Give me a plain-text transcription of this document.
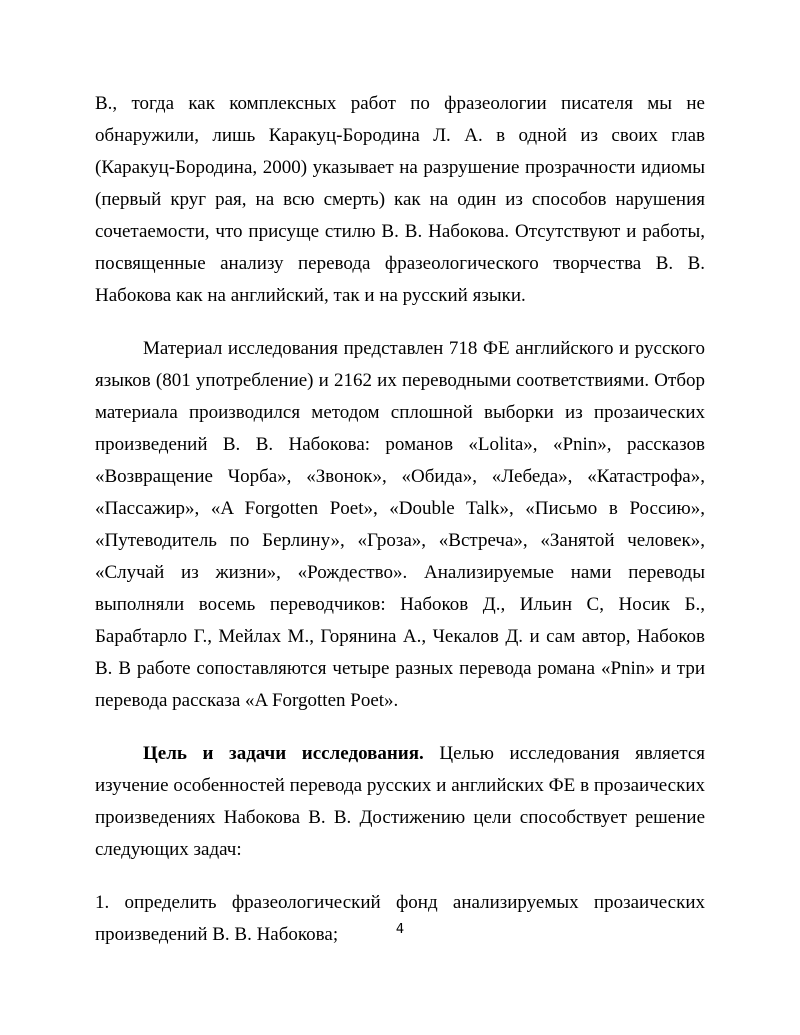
В., тогда как комплексных работ по фразеологии писателя мы не обнаружили, лишь Каракуц-Бородина Л. А. в одной из своих глав (Каракуц-Бородина, 2000) указывает на разрушение прозрачности идиомы (первый круг рая, на всю смерть) как на один из способов нарушения сочетаемости, что присуще стилю В. В. Набокова. Отсутствуют и работы, посвященные анализу перевода фразеологического творчества В. В. Набокова как на английский, так и на русский языки.

Материал исследования представлен 718 ФЕ английского и русского языков (801 употребление) и 2162 их переводными соответствиями. Отбор материала производился методом сплошной выборки из прозаических произведений В. В. Набокова: романов «Lolita», «Pnin», рассказов «Возвращение Чорба», «Звонок», «Обида», «Лебеда», «Катастрофа», «Пассажир», «A Forgotten Poet», «Double Talk», «Письмо в Россию», «Путеводитель по Берлину», «Гроза», «Встреча», «Занятой человек», «Случай из жизни», «Рождество». Анализируемые нами переводы выполняли восемь переводчиков: Набоков Д., Ильин С, Носик Б., Барабтарло Г., Мейлах М., Горянина А., Чекалов Д. и сам автор, Набоков В. В работе сопоставляются четыре разных перевода романа «Pnin» и три перевода рассказа «A Forgotten Poet».

Цель и задачи исследования. Целью исследования является изучение особенностей перевода русских и английских ФЕ в прозаических произведениях Набокова В. В. Достижению цели способствует решение следующих задач:

1. определить фразеологический фонд анализируемых прозаических произведений В. В. Набокова;	4
